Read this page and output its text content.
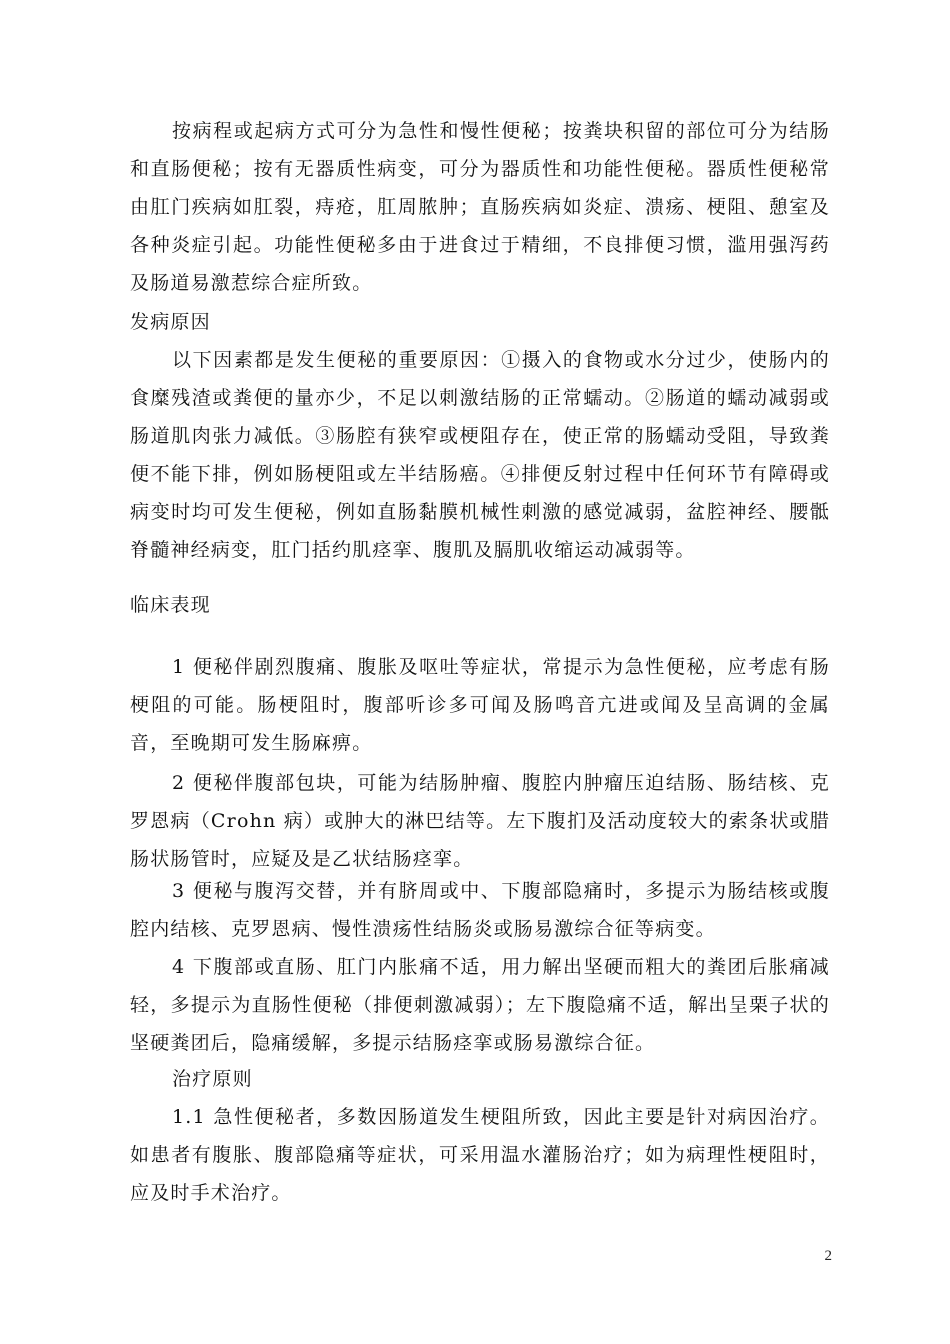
按病程或起病方式可分为急性和慢性便秘；按粪块积留的部位可分为结肠和直肠便秘；按有无器质性病变，可分为器质性和功能性便秘。器质性便秘常由肛门疾病如肛裂，痔疮，肛周脓肿；直肠疾病如炎症、溃疡、梗阻、憩室及各种炎症引起。功能性便秘多由于进食过于精细，不良排便习惯，滥用强泻药及肠道易激惹综合症所致。

发病原因

以下因素都是发生便秘的重要原因：①摄入的食物或水分过少，使肠内的食糜残渣或粪便的量亦少，不足以刺激结肠的正常蠕动。②肠道的蠕动减弱或肠道肌肉张力减低。③肠腔有狭窄或梗阻存在，使正常的肠蠕动受阻，导致粪便不能下排，例如肠梗阻或左半结肠癌。④排便反射过程中任何环节有障碍或病变时均可发生便秘，例如直肠黏膜机械性刺激的感觉减弱，盆腔神经、腰骶脊髓神经病变，肛门括约肌痉挛、腹肌及膈肌收缩运动减弱等。

临床表现

1 便秘伴剧烈腹痛、腹胀及呕吐等症状，常提示为急性便秘，应考虑有肠梗阻的可能。肠梗阻时，腹部听诊多可闻及肠鸣音亢进或闻及呈高调的金属音，至晚期可发生肠麻痹。

2 便秘伴腹部包块，可能为结肠肿瘤、腹腔内肿瘤压迫结肠、肠结核、克罗恩病（Crohn 病）或肿大的淋巴结等。左下腹扪及活动度较大的索条状或腊肠状肠管时，应疑及是乙状结肠痉挛。

3 便秘与腹泻交替，并有脐周或中、下腹部隐痛时，多提示为肠结核或腹腔内结核、克罗恩病、慢性溃疡性结肠炎或肠易激综合征等病变。

4 下腹部或直肠、肛门内胀痛不适，用力解出坚硬而粗大的粪团后胀痛减轻，多提示为直肠性便秘（排便刺激减弱）；左下腹隐痛不适，解出呈栗子状的坚硬粪团后，隐痛缓解，多提示结肠痉挛或肠易激综合征。

治疗原则

1.1 急性便秘者，多数因肠道发生梗阻所致，因此主要是针对病因治疗。如患者有腹胀、腹部隐痛等症状，可采用温水灌肠治疗；如为病理性梗阻时，应及时手术治疗。

2
